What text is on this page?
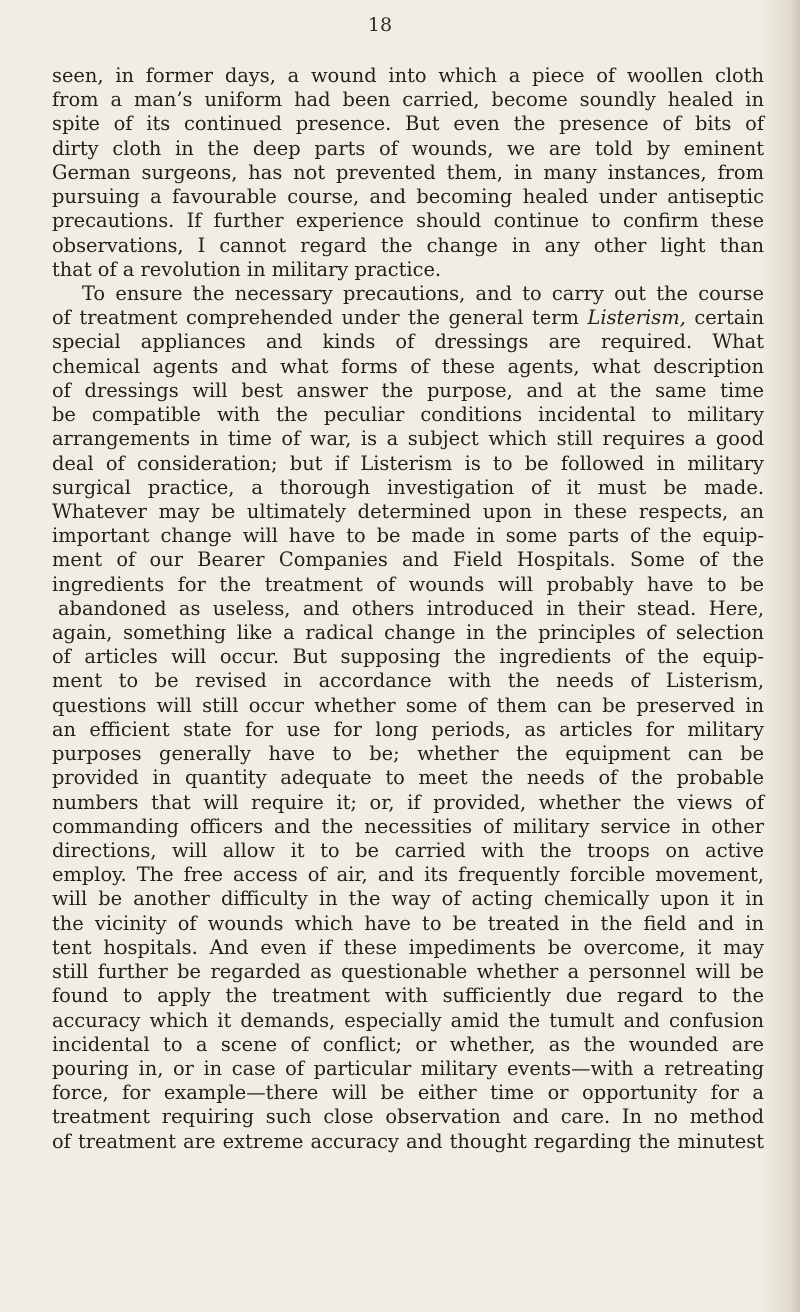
18
seen, in former days, a wound into which a piece of woollen cloth
from a man’s uniform had been carried, become soundly healed in
spite of its continued presence. But even the presence of bits of
dirty cloth in the deep parts of wounds, we are told by eminent
German surgeons, has not prevented them, in many instances, from
pursuing a favourable course, and becoming healed under antiseptic
precautions. If further experience should continue to confirm these
observations, I cannot regard the change in any other light than
that of a revolution in military practice.
To ensure the necessary precautions, and to carry out the course
of treatment comprehended under the general term Listerism, certain
special appliances and kinds of dressings are required. What
chemical agents and what forms of these agents, what description
of dressings will best answer the purpose, and at the same time
be compatible with the peculiar conditions incidental to military
arrangements in time of war, is a subject which still requires a good
deal of consideration; but if Listerism is to be followed in military
surgical practice, a thorough investigation of it must be made.
Whatever may be ultimately determined upon in these respects, an
important change will have to be made in some parts of the equip-
ment of our Bearer Companies and Field Hospitals. Some of the
ingredients for the treatment of wounds will probably have to be
abandoned as useless, and others introduced in their stead. Here,
again, something like a radical change in the principles of selection
of articles will occur. But supposing the ingredients of the equip-
ment to be revised in accordance with the needs of Listerism,
questions will still occur whether some of them can be preserved in
an efficient state for use for long periods, as articles for military
purposes generally have to be; whether the equipment can be
provided in quantity adequate to meet the needs of the probable
numbers that will require it; or, if provided, whether the views of
commanding officers and the necessities of military service in other
directions, will allow it to be carried with the troops on active
employ. The free access of air, and its frequently forcible movement,
will be another difficulty in the way of acting chemically upon it in
the vicinity of wounds which have to be treated in the field and in
tent hospitals. And even if these impediments be overcome, it may
still further be regarded as questionable whether a personnel will be
found to apply the treatment with sufficiently due regard to the
accuracy which it demands, especially amid the tumult and confusion
incidental to a scene of conflict; or whether, as the wounded are
pouring in, or in case of particular military events—with a retreating
force, for example—there will be either time or opportunity for a
treatment requiring such close observation and care. In no method
of treatment are extreme accuracy and thought regarding the minutest
